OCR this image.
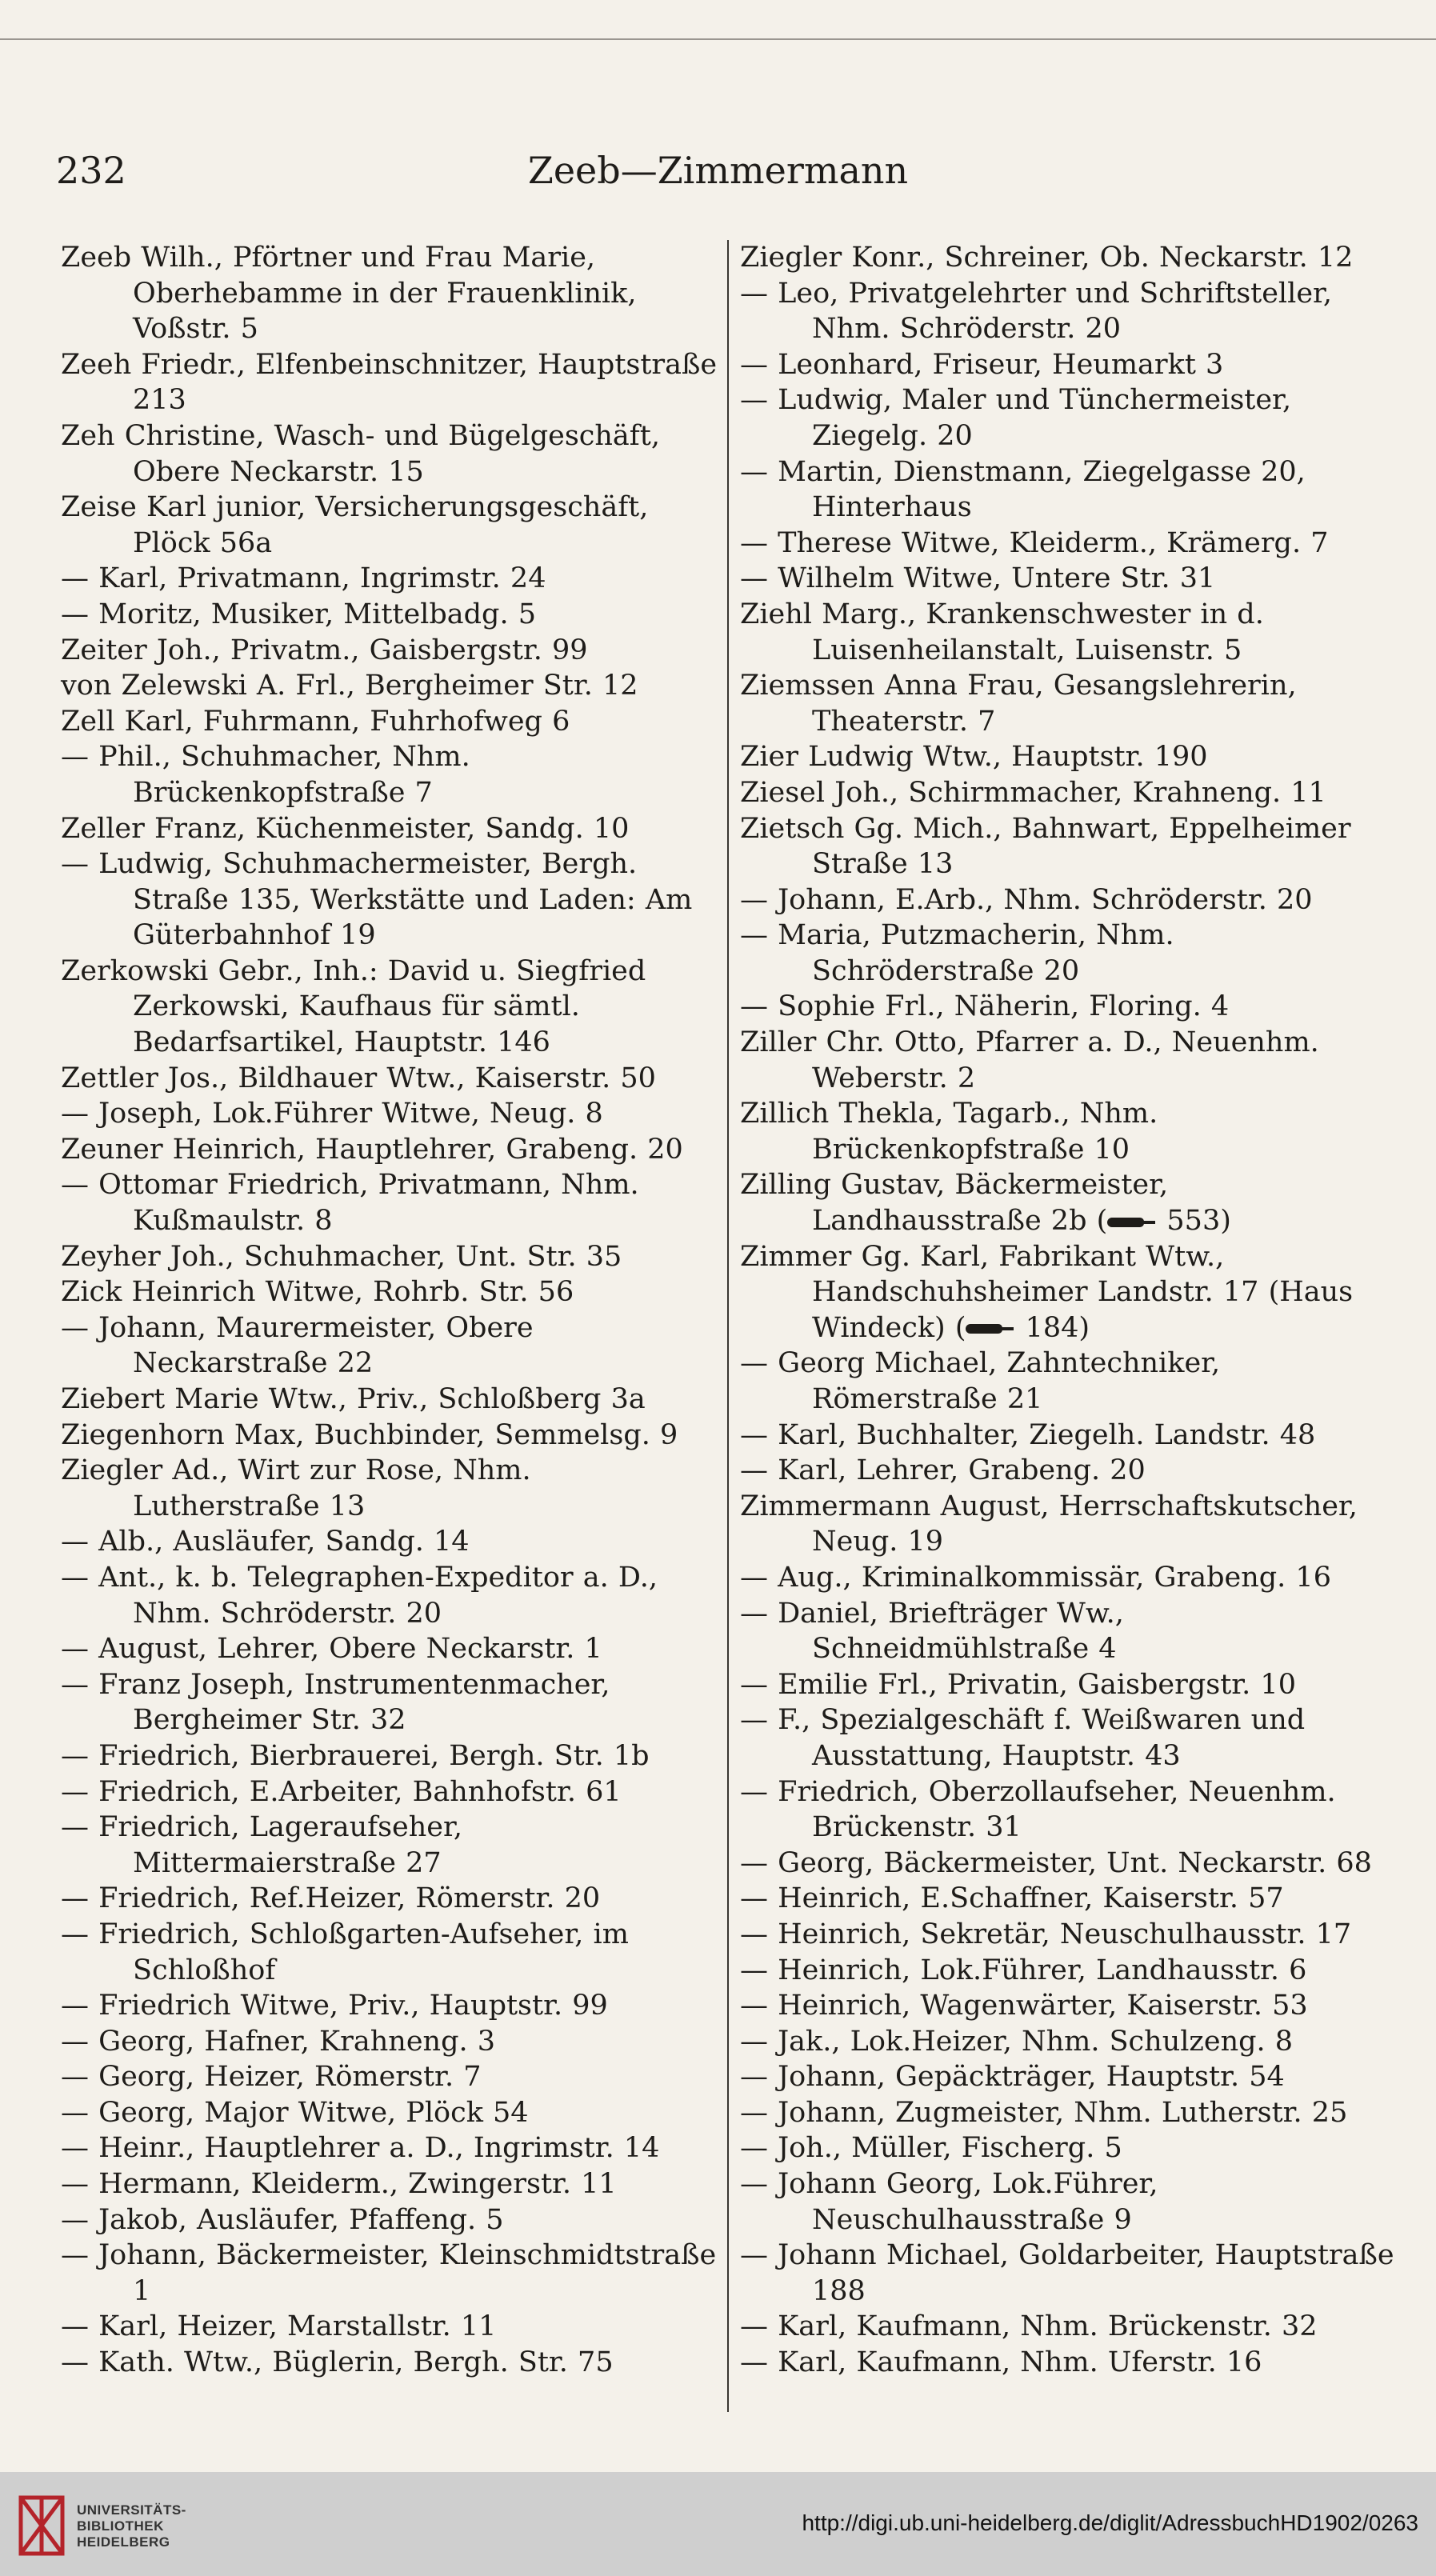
232	Zeeb—Zimmermann
Zeeb Wilh., Pförtner und Frau Marie, Oberhebamme in der Frauenklinik, Voßstr. 5
Zeeh Friedr., Elfenbeinschnitzer, Hauptstraße 213
Zeh Christine, Wasch- und Bügelgeschäft, Obere Neckarstr. 15
Zeise Karl junior, Versicherungsgeschäft, Plöck 56a
— Karl, Privatmann, Ingrimstr. 24
— Moritz, Musiker, Mittelbadg. 5
Zeiter Joh., Privatm., Gaisbergstr. 99
von Zelewski A. Frl., Bergheimer Str. 12
Zell Karl, Fuhrmann, Fuhrhofweg 6
— Phil., Schuhmacher, Nhm. Brückenkopfstraße 7
Zeller Franz, Küchenmeister, Sandg. 10
— Ludwig, Schuhmachermeister, Bergh. Straße 135, Werkstätte und Laden: Am Güterbahnhof 19
Zerkowski Gebr., Inh.: David u. Siegfried Zerkowski, Kaufhaus für sämtl. Bedarfsartikel, Hauptstr. 146
Zettler Jos., Bildhauer Wtw., Kaiserstr. 50
— Joseph, Lok.Führer Witwe, Neug. 8
Zeuner Heinrich, Hauptlehrer, Grabeng. 20
— Ottomar Friedrich, Privatmann, Nhm. Kußmaulstr. 8
Zeyher Joh., Schuhmacher, Unt. Str. 35
Zick Heinrich Witwe, Rohrb. Str. 56
— Johann, Maurermeister, Obere Neckarstraße 22
Ziebert Marie Wtw., Priv., Schloßberg 3a
Ziegenhorn Max, Buchbinder, Semmelsg. 9
Ziegler Ad., Wirt zur Rose, Nhm. Lutherstraße 13
— Alb., Ausläufer, Sandg. 14
— Ant., k. b. Telegraphen-Expeditor a. D., Nhm. Schröderstr. 20
— August, Lehrer, Obere Neckarstr. 1
— Franz Joseph, Instrumentenmacher, Bergheimer Str. 32
— Friedrich, Bierbrauerei, Bergh. Str. 1b
— Friedrich, E.Arbeiter, Bahnhofstr. 61
— Friedrich, Lageraufseher, Mittermaierstraße 27
— Friedrich, Ref.Heizer, Römerstr. 20
— Friedrich, Schloßgarten-Aufseher, im Schloßhof
— Friedrich Witwe, Priv., Hauptstr. 99
— Georg, Hafner, Krahneng. 3
— Georg, Heizer, Römerstr. 7
— Georg, Major Witwe, Plöck 54
— Heinr., Hauptlehrer a. D., Ingrimstr. 14
— Hermann, Kleiderm., Zwingerstr. 11
— Jakob, Ausläufer, Pfaffeng. 5
— Johann, Bäckermeister, Kleinschmidtstraße 1
— Karl, Heizer, Marstallstr. 11
— Kath. Wtw., Büglerin, Bergh. Str. 75
Ziegler Konr., Schreiner, Ob. Neckarstr. 12
— Leo, Privatgelehrter und Schriftsteller, Nhm. Schröderstr. 20
— Leonhard, Friseur, Heumarkt 3
— Ludwig, Maler und Tünchermeister, Ziegelg. 20
— Martin, Dienstmann, Ziegelgasse 20, Hinterhaus
— Therese Witwe, Kleiderm., Krämerg. 7
— Wilhelm Witwe, Untere Str. 31
Ziehl Marg., Krankenschwester in d. Luisenheilanstalt, Luisenstr. 5
Ziemssen Anna Frau, Gesangslehrerin, Theaterstr. 7
Zier Ludwig Wtw., Hauptstr. 190
Ziesel Joh., Schirmmacher, Krahneng. 11
Zietsch Gg. Mich., Bahnwart, Eppelheimer Straße 13
— Johann, E.Arb., Nhm. Schröderstr. 20
— Maria, Putzmacherin, Nhm. Schröderstraße 20
— Sophie Frl., Näherin, Floring. 4
Ziller Chr. Otto, Pfarrer a. D., Neuenhm. Weberstr. 2
Zillich Thekla, Tagarb., Nhm. Brückenkopfstraße 10
Zilling Gustav, Bäckermeister, Landhausstraße 2b ( 553)
Zimmer Gg. Karl, Fabrikant Wtw., Handschuhsheimer Landstr. 17 (Haus Windeck) ( 184)
— Georg Michael, Zahntechniker, Römerstraße 21
— Karl, Buchhalter, Ziegelh. Landstr. 48
— Karl, Lehrer, Grabeng. 20
Zimmermann August, Herrschaftskutscher, Neug. 19
— Aug., Kriminalkommissär, Grabeng. 16
— Daniel, Briefträger Ww., Schneidmühlstraße 4
— Emilie Frl., Privatin, Gaisbergstr. 10
— F., Spezialgeschäft f. Weißwaren und Ausstattung, Hauptstr. 43
— Friedrich, Oberzollaufseher, Neuenhm. Brückenstr. 31
— Georg, Bäckermeister, Unt. Neckarstr. 68
— Heinrich, E.Schaffner, Kaiserstr. 57
— Heinrich, Sekretär, Neuschulhausstr. 17
— Heinrich, Lok.Führer, Landhausstr. 6
— Heinrich, Wagenwärter, Kaiserstr. 53
— Jak., Lok.Heizer, Nhm. Schulzeng. 8
— Johann, Gepäckträger, Hauptstr. 54
— Johann, Zugmeister, Nhm. Lutherstr. 25
— Joh., Müller, Fischerg. 5
— Johann Georg, Lok.Führer, Neuschulhausstraße 9
— Johann Michael, Goldarbeiter, Hauptstraße 188
— Karl, Kaufmann, Nhm. Brückenstr. 32
— Karl, Kaufmann, Nhm. Uferstr. 16
UNIVERSITÄTS-
BIBLIOTHEK
HEIDELBERG
http://digi.ub.uni-heidelberg.de/diglit/AdressbuchHD1902/0263
